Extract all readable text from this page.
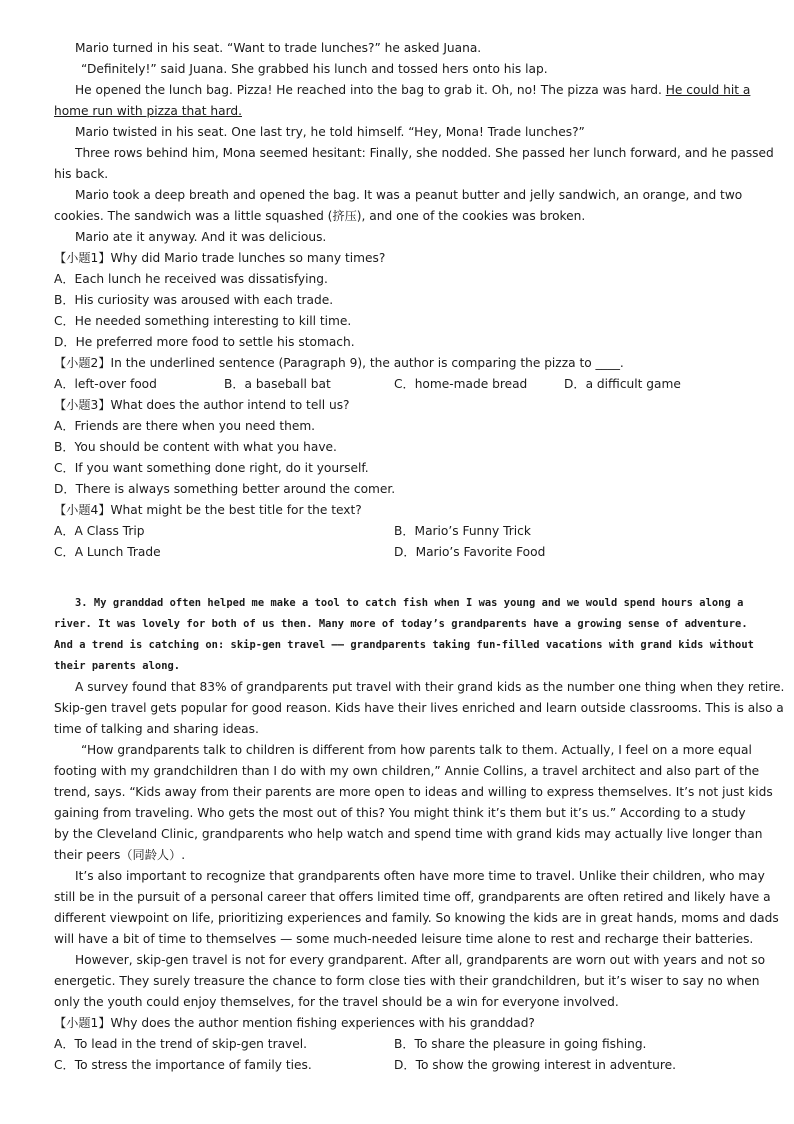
Mario turned in his seat. “Want to trade lunches?” he asked Juana.
“Definitely!” said Juana. She grabbed his lunch and tossed hers onto his lap.
He opened the lunch bag. Pizza! He reached into the bag to grab it. Oh, no! The pizza was hard. He could hit a
home run with pizza that hard.
Mario twisted in his seat. One last try, he told himself. “Hey, Mona! Trade lunches?”
Three rows behind him, Mona seemed hesitant: Finally, she nodded. She passed her lunch forward, and he passed
his back.
Mario took a deep breath and opened the bag. It was a peanut butter and jelly sandwich, an orange, and two
cookies. The sandwich was a little squashed (挤压), and one of the cookies was broken.
Mario ate it anyway. And it was delicious.
【小题1】Why did Mario trade lunches so many times?
A．Each lunch he received was dissatisfying.
B．His curiosity was aroused with each trade.
C．He needed something interesting to kill time.
D．He preferred more food to settle his stomach.
【小题2】In the underlined sentence (Paragraph 9), the author is comparing the pizza to ____.
A．left-over food	B．a baseball bat	C．home-made bread	D．a difficult game
【小题3】What does the author intend to tell us?
A．Friends are there when you need them.
B．You should be content with what you have.
C．If you want something done right, do it yourself.
D．There is always something better around the comer.
【小题4】What might be the best title for the text?
A．A Class Trip	B．Mario’s Funny Trick
C．A Lunch Trade	D．Mario’s Favorite Food
3. My granddad often helped me make a tool to catch fish when I was young and we would spend hours along a
river. It was lovely for both of us then. Many more of today’s grandparents have a growing sense of adventure.
And a trend is catching on: skip-gen travel —— grandparents taking fun-filled vacations with grand kids without
their parents along.
A survey found that 83% of grandparents put travel with their grand kids as the number one thing when they retire.
Skip-gen travel gets popular for good reason. Kids have their lives enriched and learn outside classrooms. This is also a
time of talking and sharing ideas.
“How grandparents talk to children is different from how parents talk to them. Actually, I feel on a more equal
footing with my grandchildren than I do with my own children,” Annie Collins, a travel architect and also part of the
trend, says. “Kids away from their parents are more open to ideas and willing to express themselves. It’s not just kids
gaining from traveling. Who gets the most out of this? You might think it’s them but it’s us.” According to a study
by the Cleveland Clinic, grandparents who help watch and spend time with grand kids may actually live longer than
their peers（同龄人）.
It’s also important to recognize that grandparents often have more time to travel. Unlike their children, who may
still be in the pursuit of a personal career that offers limited time off, grandparents are often retired and likely have a
different viewpoint on life, prioritizing experiences and family. So knowing the kids are in great hands, moms and dads
will have a bit of time to themselves — some much-needed leisure time alone to rest and recharge their batteries.
However, skip-gen travel is not for every grandparent. After all, grandparents are worn out with years and not so
energetic. They surely treasure the chance to form close ties with their grandchildren, but it’s wiser to say no when
only the youth could enjoy themselves, for the travel should be a win for everyone involved.
【小题1】Why does the author mention fishing experiences with his granddad?
A．To lead in the trend of skip-gen travel.	B．To share the pleasure in going fishing.
C．To stress the importance of family ties.	D．To show the growing interest in adventure.
